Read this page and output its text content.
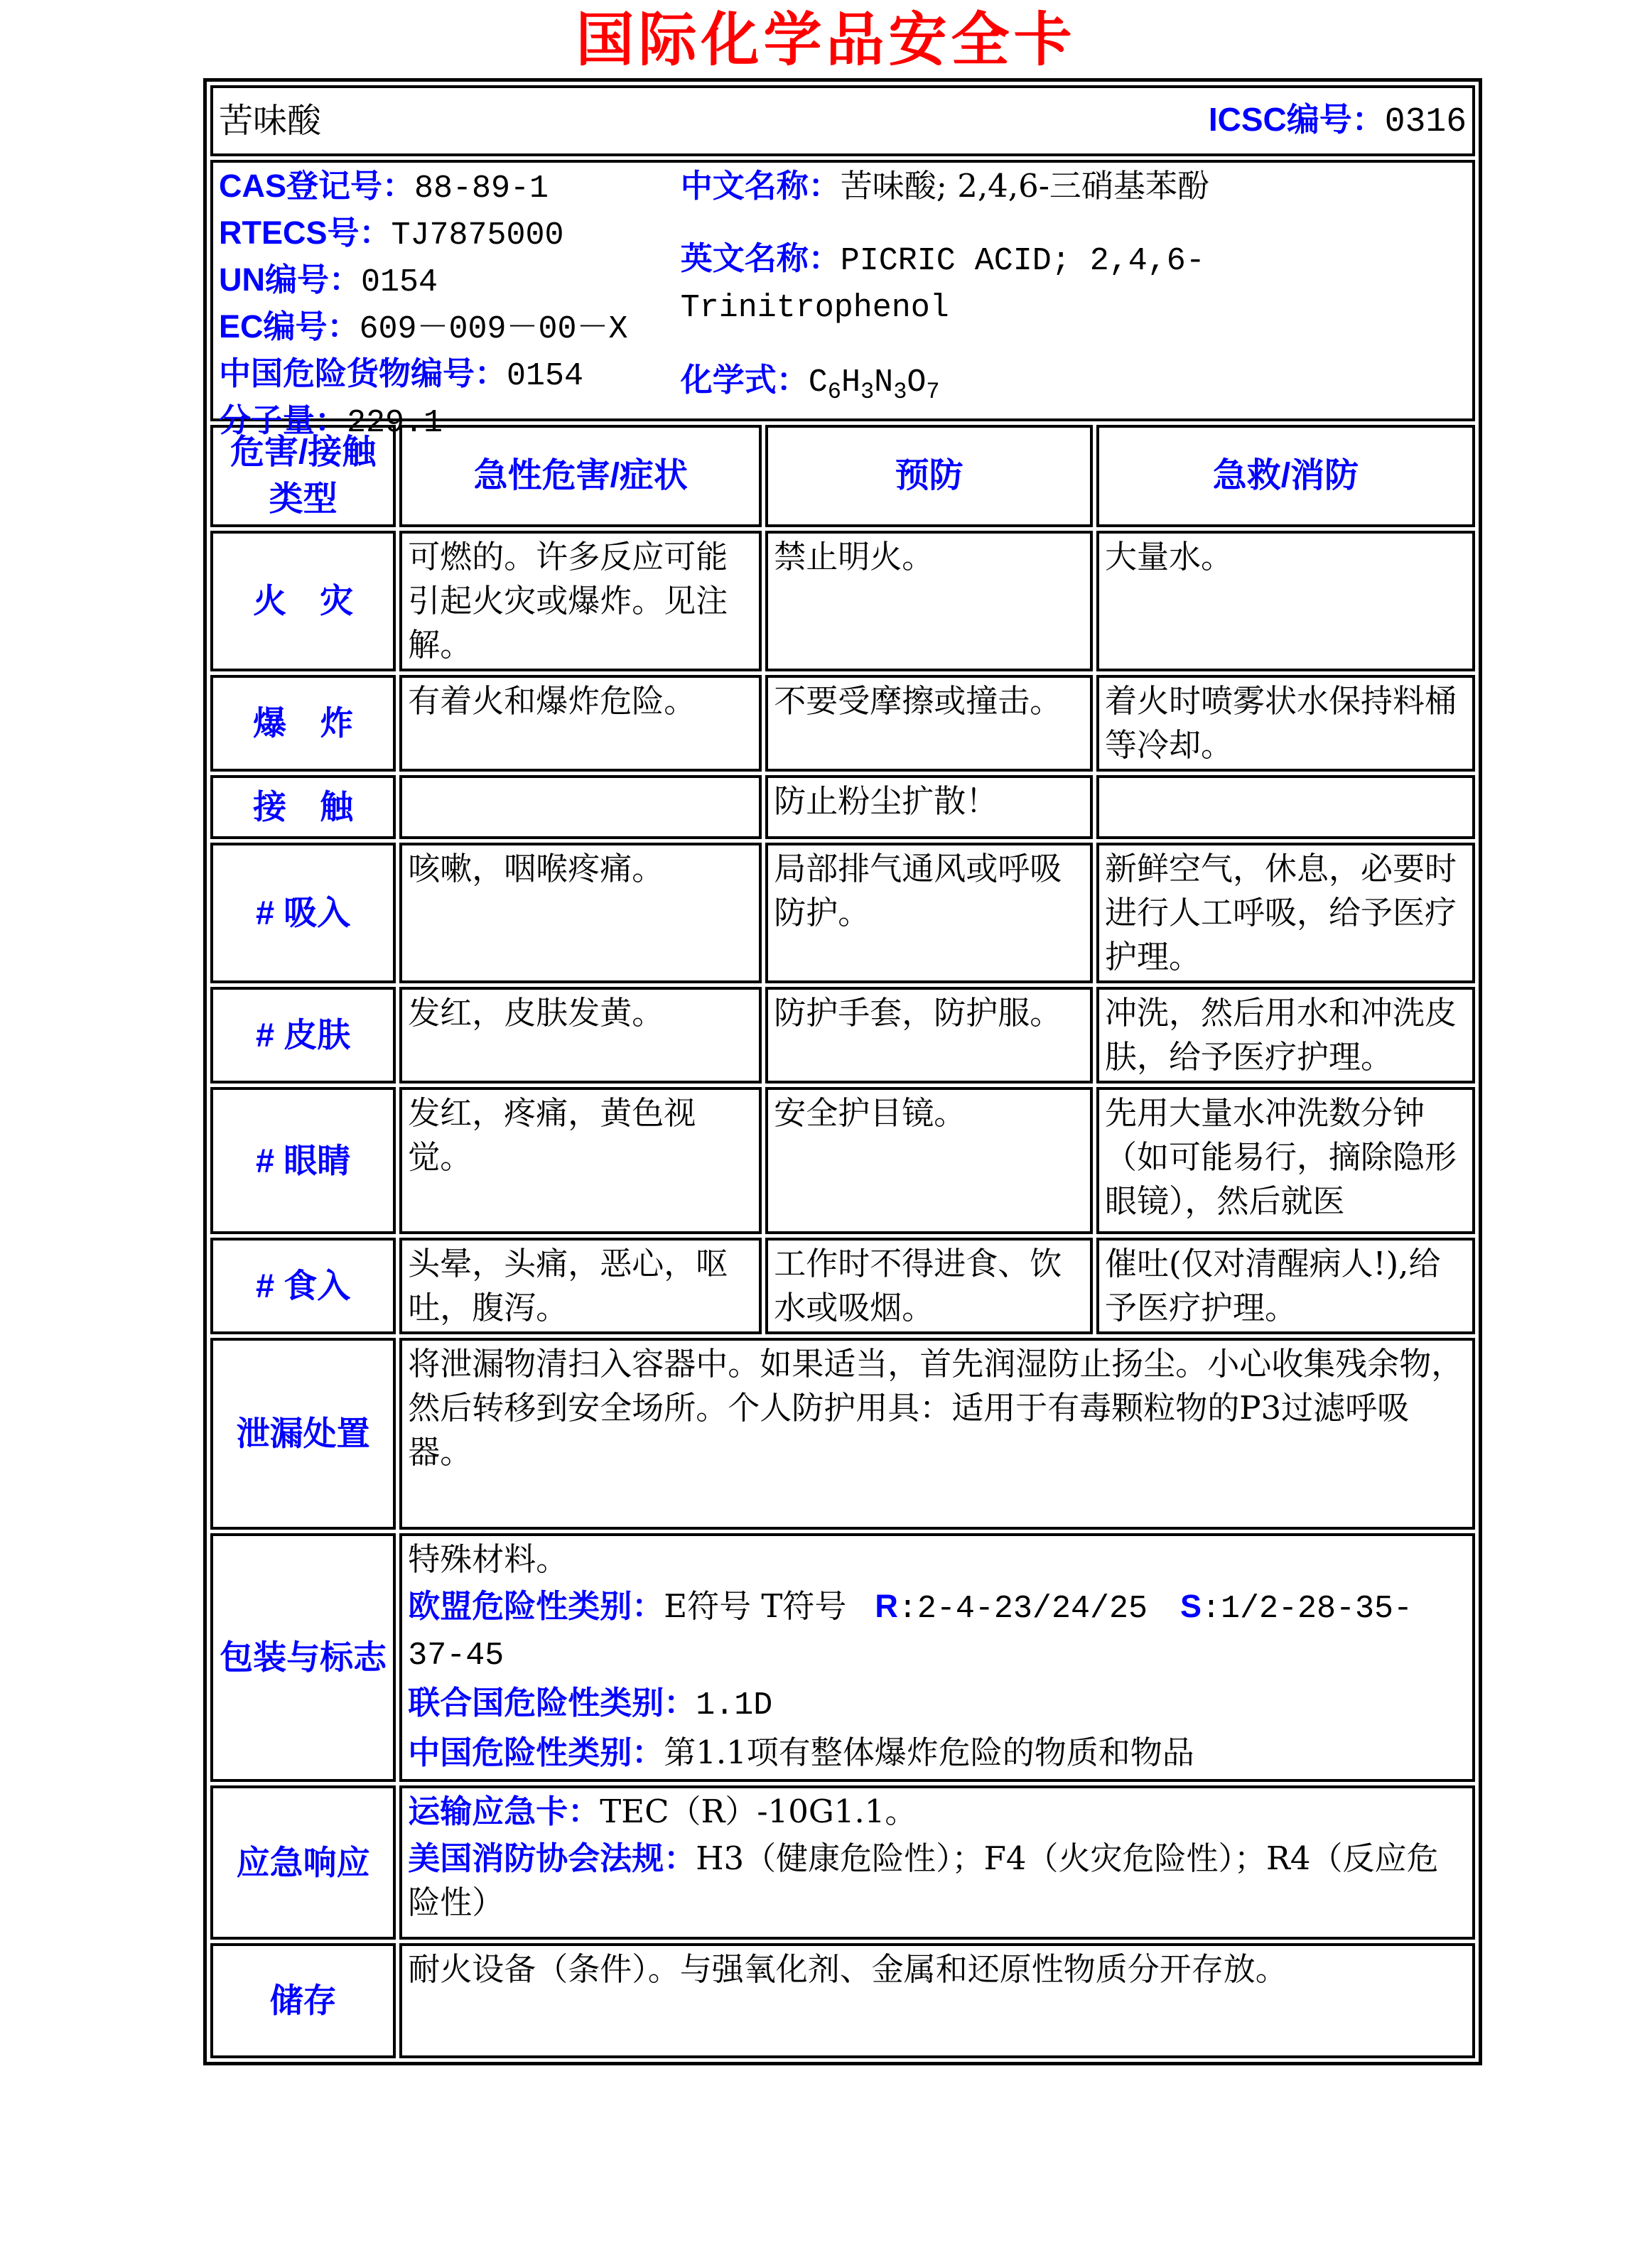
国际化学品安全卡
苦味酸 ICSC编号：0316			

CAS登记号：88-89-1
RTECS号：TJ7875000
UN编号：0154
EC编号：609－009－00－X
中国危险货物编号：0154
分子量：229.1
中文名称：苦味酸; 2,4,6-三硝基苯酚
英文名称：PICRIC ACID; 2,4,6-Trinitrophenol
化学式：$C_6H_3N_3O_7$

危害/接触类型	急性危害/症状	预防	急救/消防
火　灾	可燃的。许多反应可能引起火灾或爆炸。见注解。	禁止明火。	大量水。
爆　炸	有着火和爆炸危险。	不要受摩擦或撞击。	着火时喷雾状水保持料桶等冷却。
接　触		防止粉尘扩散！	
# 吸入	咳嗽，咽喉疼痛。	局部排气通风或呼吸防护。	新鲜空气，休息，必要时进行人工呼吸，给予医疗护理。
# 皮肤	发红，皮肤发黄。	防护手套，防护服。	冲洗，然后用水和冲洗皮肤，给予医疗护理。
# 眼睛	发红，疼痛，黄色视觉。	安全护目镜。	先用大量水冲洗数分钟（如可能易行，摘除隐形眼镜），然后就医
# 食入	头晕，头痛，恶心，呕吐，腹泻。	工作时不得进食、饮水或吸烟。	催吐(仅对清醒病人!),给予医疗护理。
泄漏处置	将泄漏物清扫入容器中。如果适当，首先润湿防止扬尘。小心收集残余物，然后转移到安全场所。个人防护用具：适用于有毒颗粒物的P3过滤呼吸器。		
包装与标志	特殊材料。

欧盟危险性类别：E符号 T符号 R:2-4-23/24/25 S:1/2-28-35-37-45

联合国危险性类别：1.1D

中国危险性类别：第1.1项有整体爆炸危险的物质和物品		

应急响应	运输应急卡：TEC（R）-10G1.1。

美国消防协会法规：H3（健康危险性）；F4（火灾危险性）；R4（反应危险性）		

储存	耐火设备（条件）。与强氧化剂、金属和还原性物质分开存放。		
